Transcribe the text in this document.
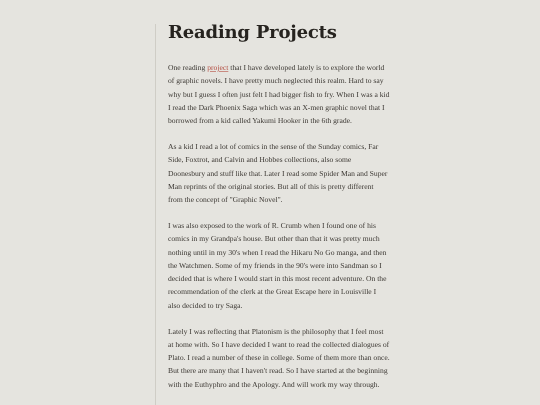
Reading Projects

One reading project that I have developed lately is to explore the world of graphic novels. I have pretty much neglected this realm. Hard to say why but I guess I often just felt I had bigger fish to fry. When I was a kid I read the Dark Phoenix Saga which was an X-men graphic novel that I borrowed from a kid called Yakumi Hooker in the 6th grade.

As a kid I read a lot of comics in the sense of the Sunday comics, Far Side, Foxtrot, and Calvin and Hobbes collections, also some Doonesbury and stuff like that. Later I read some Spider Man and Super Man reprints of the original stories. But all of this is pretty different from the concept of "Graphic Novel".

I was also exposed to the work of R. Crumb when I found one of his comics in my Grandpa's house. But other than that it was pretty much nothing until in my 30's when I read the Hikaru No Go manga, and then the Watchmen. Some of my friends in the 90's were into Sandman so I decided that is where I would start in this most recent adventure. On the recommendation of the clerk at the Great Escape here in Louisville I also decided to try Saga.

Lately I was reflecting that Platonism is the philosophy that I feel most at home with. So I have decided I want to read the collected dialogues of Plato. I read a number of these in college. Some of them more than once. But there are many that I haven't read. So I have started at the beginning with the Euthyphro and the Apology. And will work my way through.
